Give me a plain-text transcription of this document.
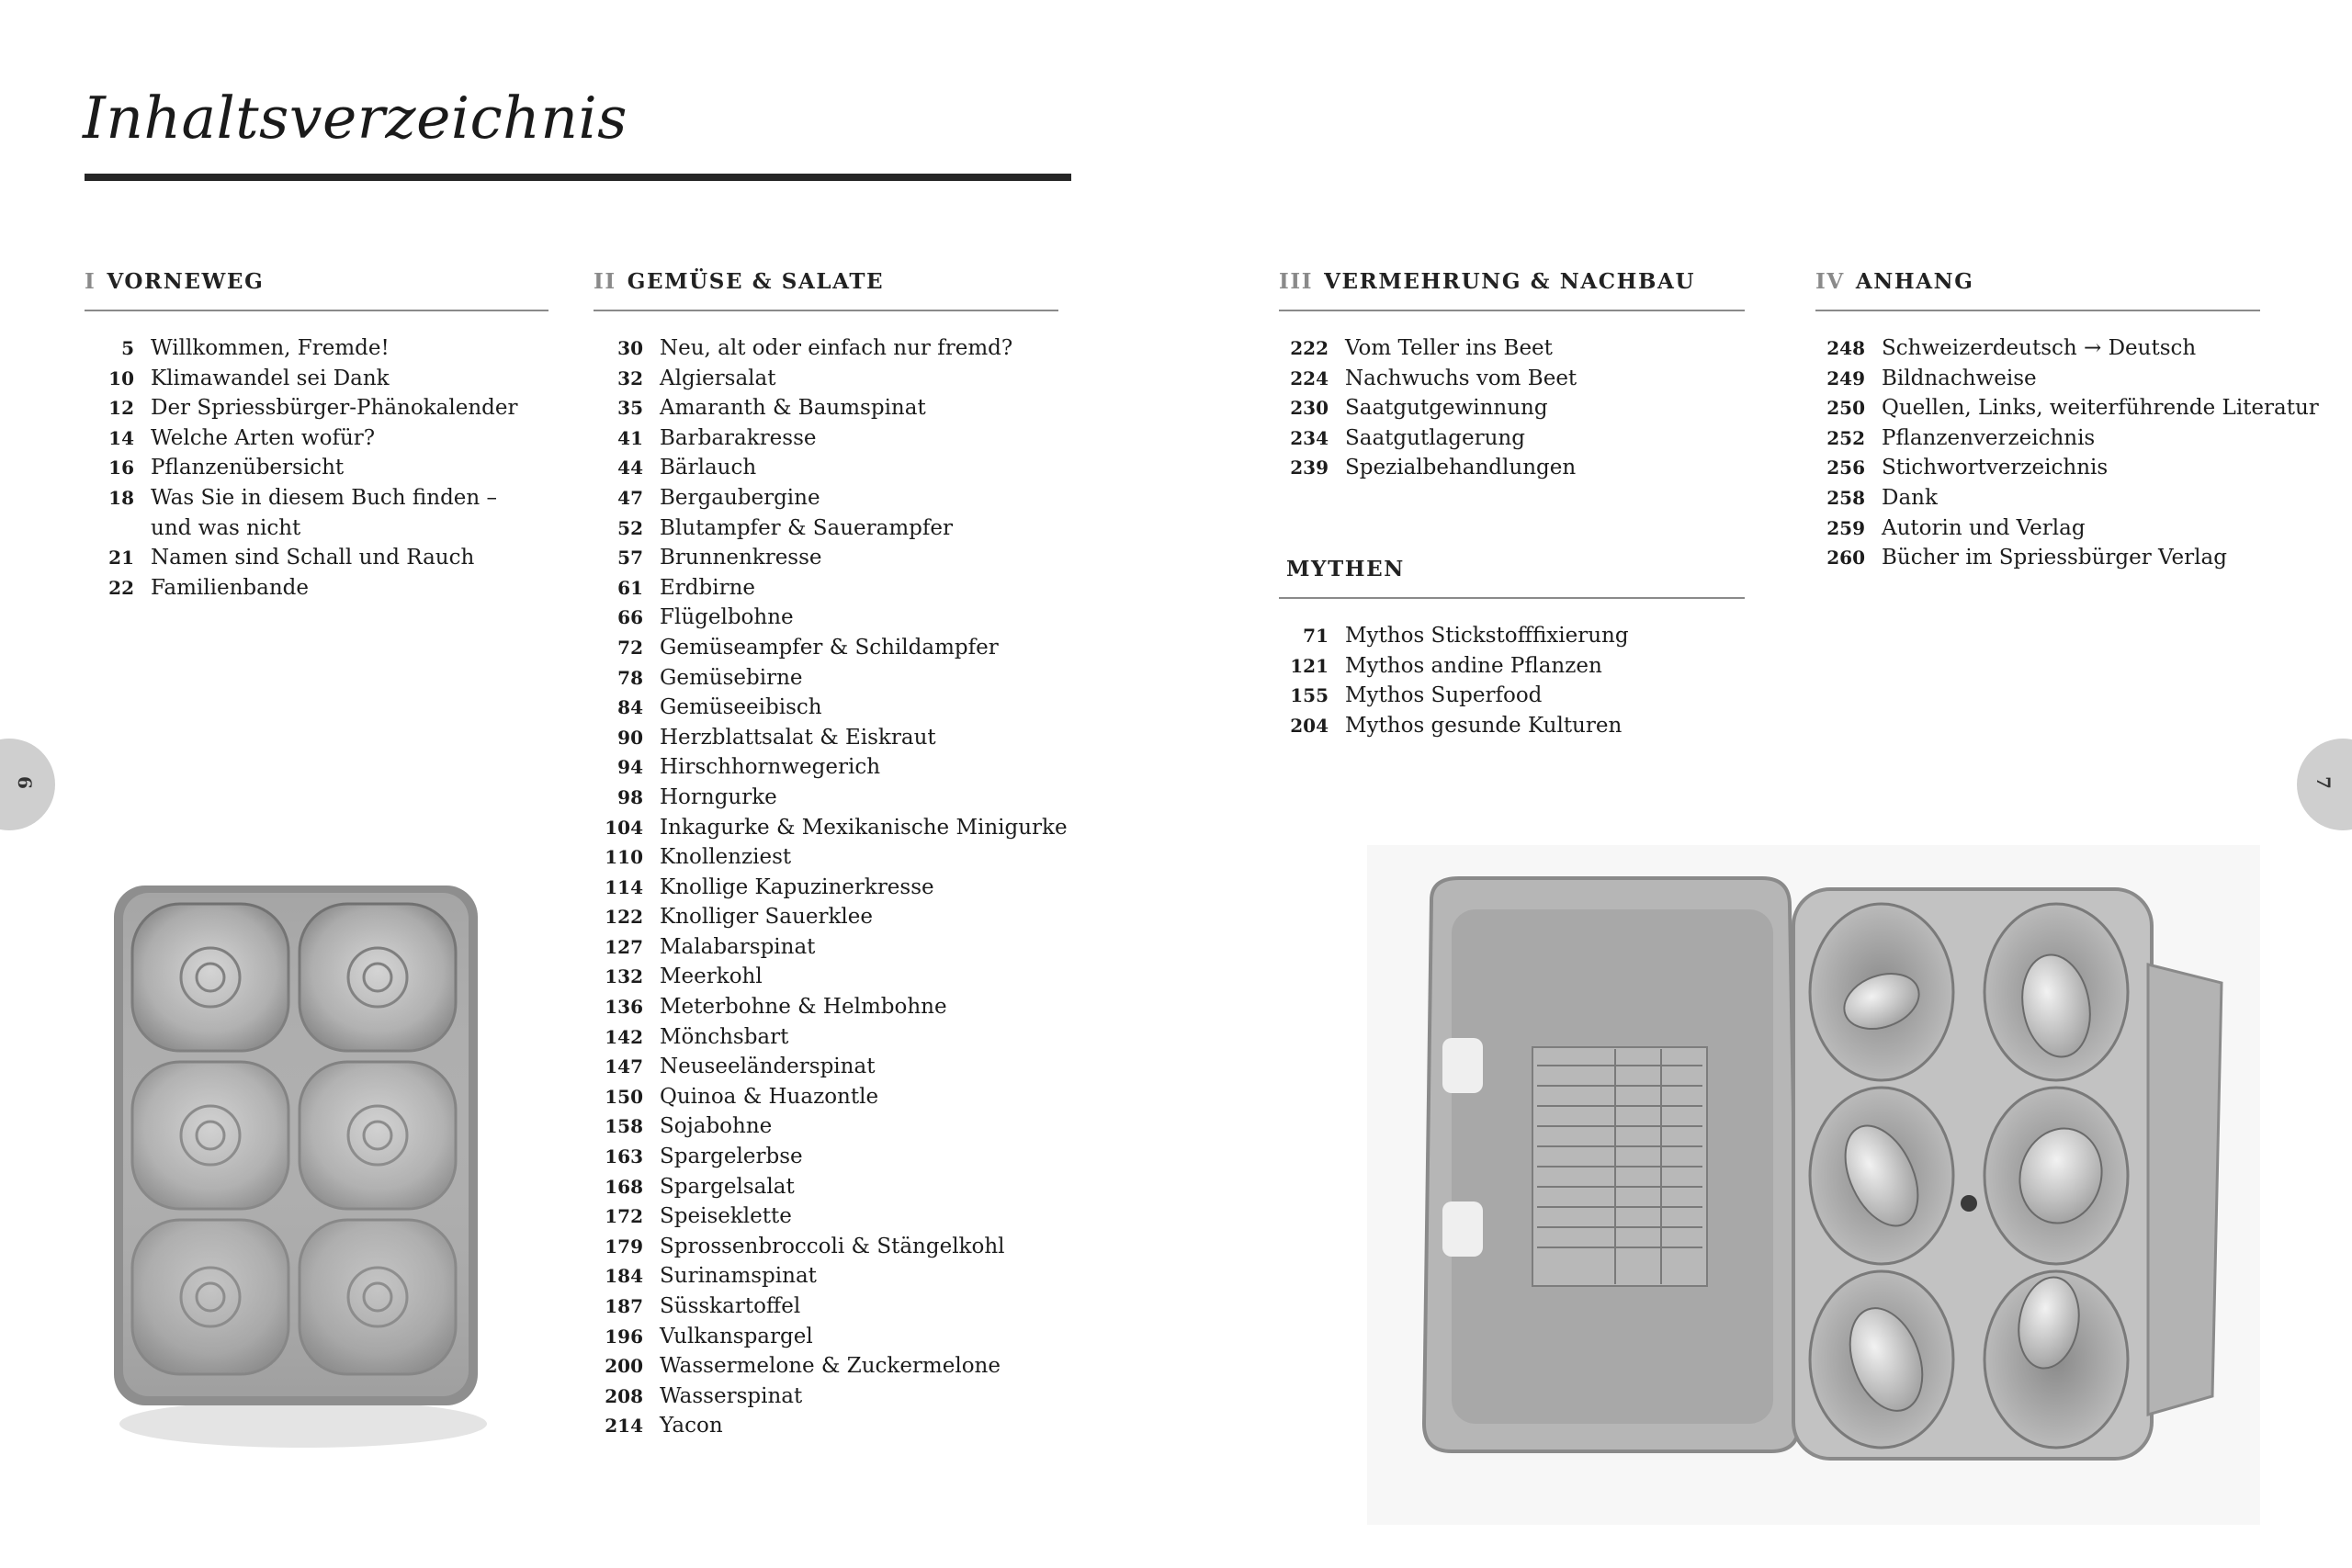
Inhaltsverzeichnis
I VORNEWEG
5 Willkommen, Fremde!
10 Klimawandel sei Dank
12 Der Spriessbürger-Phänokalender
14 Welche Arten wofür?
16 Pflanzenübersicht
18 Was Sie in diesem Buch finden –
und was nicht
21 Namen sind Schall und Rauch
22 Familienbande
II GEMÜSE & SALATE
30 Neu, alt oder einfach nur fremd?
32 Algiersalat
35 Amaranth & Baumspinat
41 Barbarakresse
44 Bärlauch
47 Bergaubergine
52 Blutampfer & Sauerampfer
57 Brunnenkresse
61 Erdbirne
66 Flügelbohne
72 Gemüseampfer & Schildampfer
78 Gemüsebirne
84 Gemüseeibisch
90 Herzblattsalat & Eiskraut
94 Hirschhornwegerich
98 Horngurke
104 Inkagurke & Mexikanische Minigurke
110 Knollenziest
114 Knollige Kapuzinerkresse
122 Knolliger Sauerklee
127 Malabarspinat
132 Meerkohl
136 Meterbohne & Helmbohne
142 Mönchsbart
147 Neuseeländerspinat
150 Quinoa & Huazontle
158 Sojabohne
163 Spargelerbse
168 Spargelsalat
172 Speiseklette
179 Sprossenbroccoli & Stängelkohl
184 Surinamspinat
187 Süsskartoffel
196 Vulkanspargel
200 Wassermelone & Zuckermelone
208 Wasserspinat
214 Yacon
III VERMEHRUNG & NACHBAU
222 Vom Teller ins Beet
224 Nachwuchs vom Beet
230 Saatgutgewinnung
234 Saatgutlagerung
239 Spezialbehandlungen
MYTHEN
71 Mythos Stickstofffixierung
121 Mythos andine Pflanzen
155 Mythos Superfood
204 Mythos gesunde Kulturen
IV ANHANG
248 Schweizerdeutsch → Deutsch
249 Bildnachweise
250 Quellen, Links, weiterführende Literatur
252 Pflanzenverzeichnis
256 Stichwortverzeichnis
258 Dank
259 Autorin und Verlag
260 Bücher im Spriessbürger Verlag
6	7
